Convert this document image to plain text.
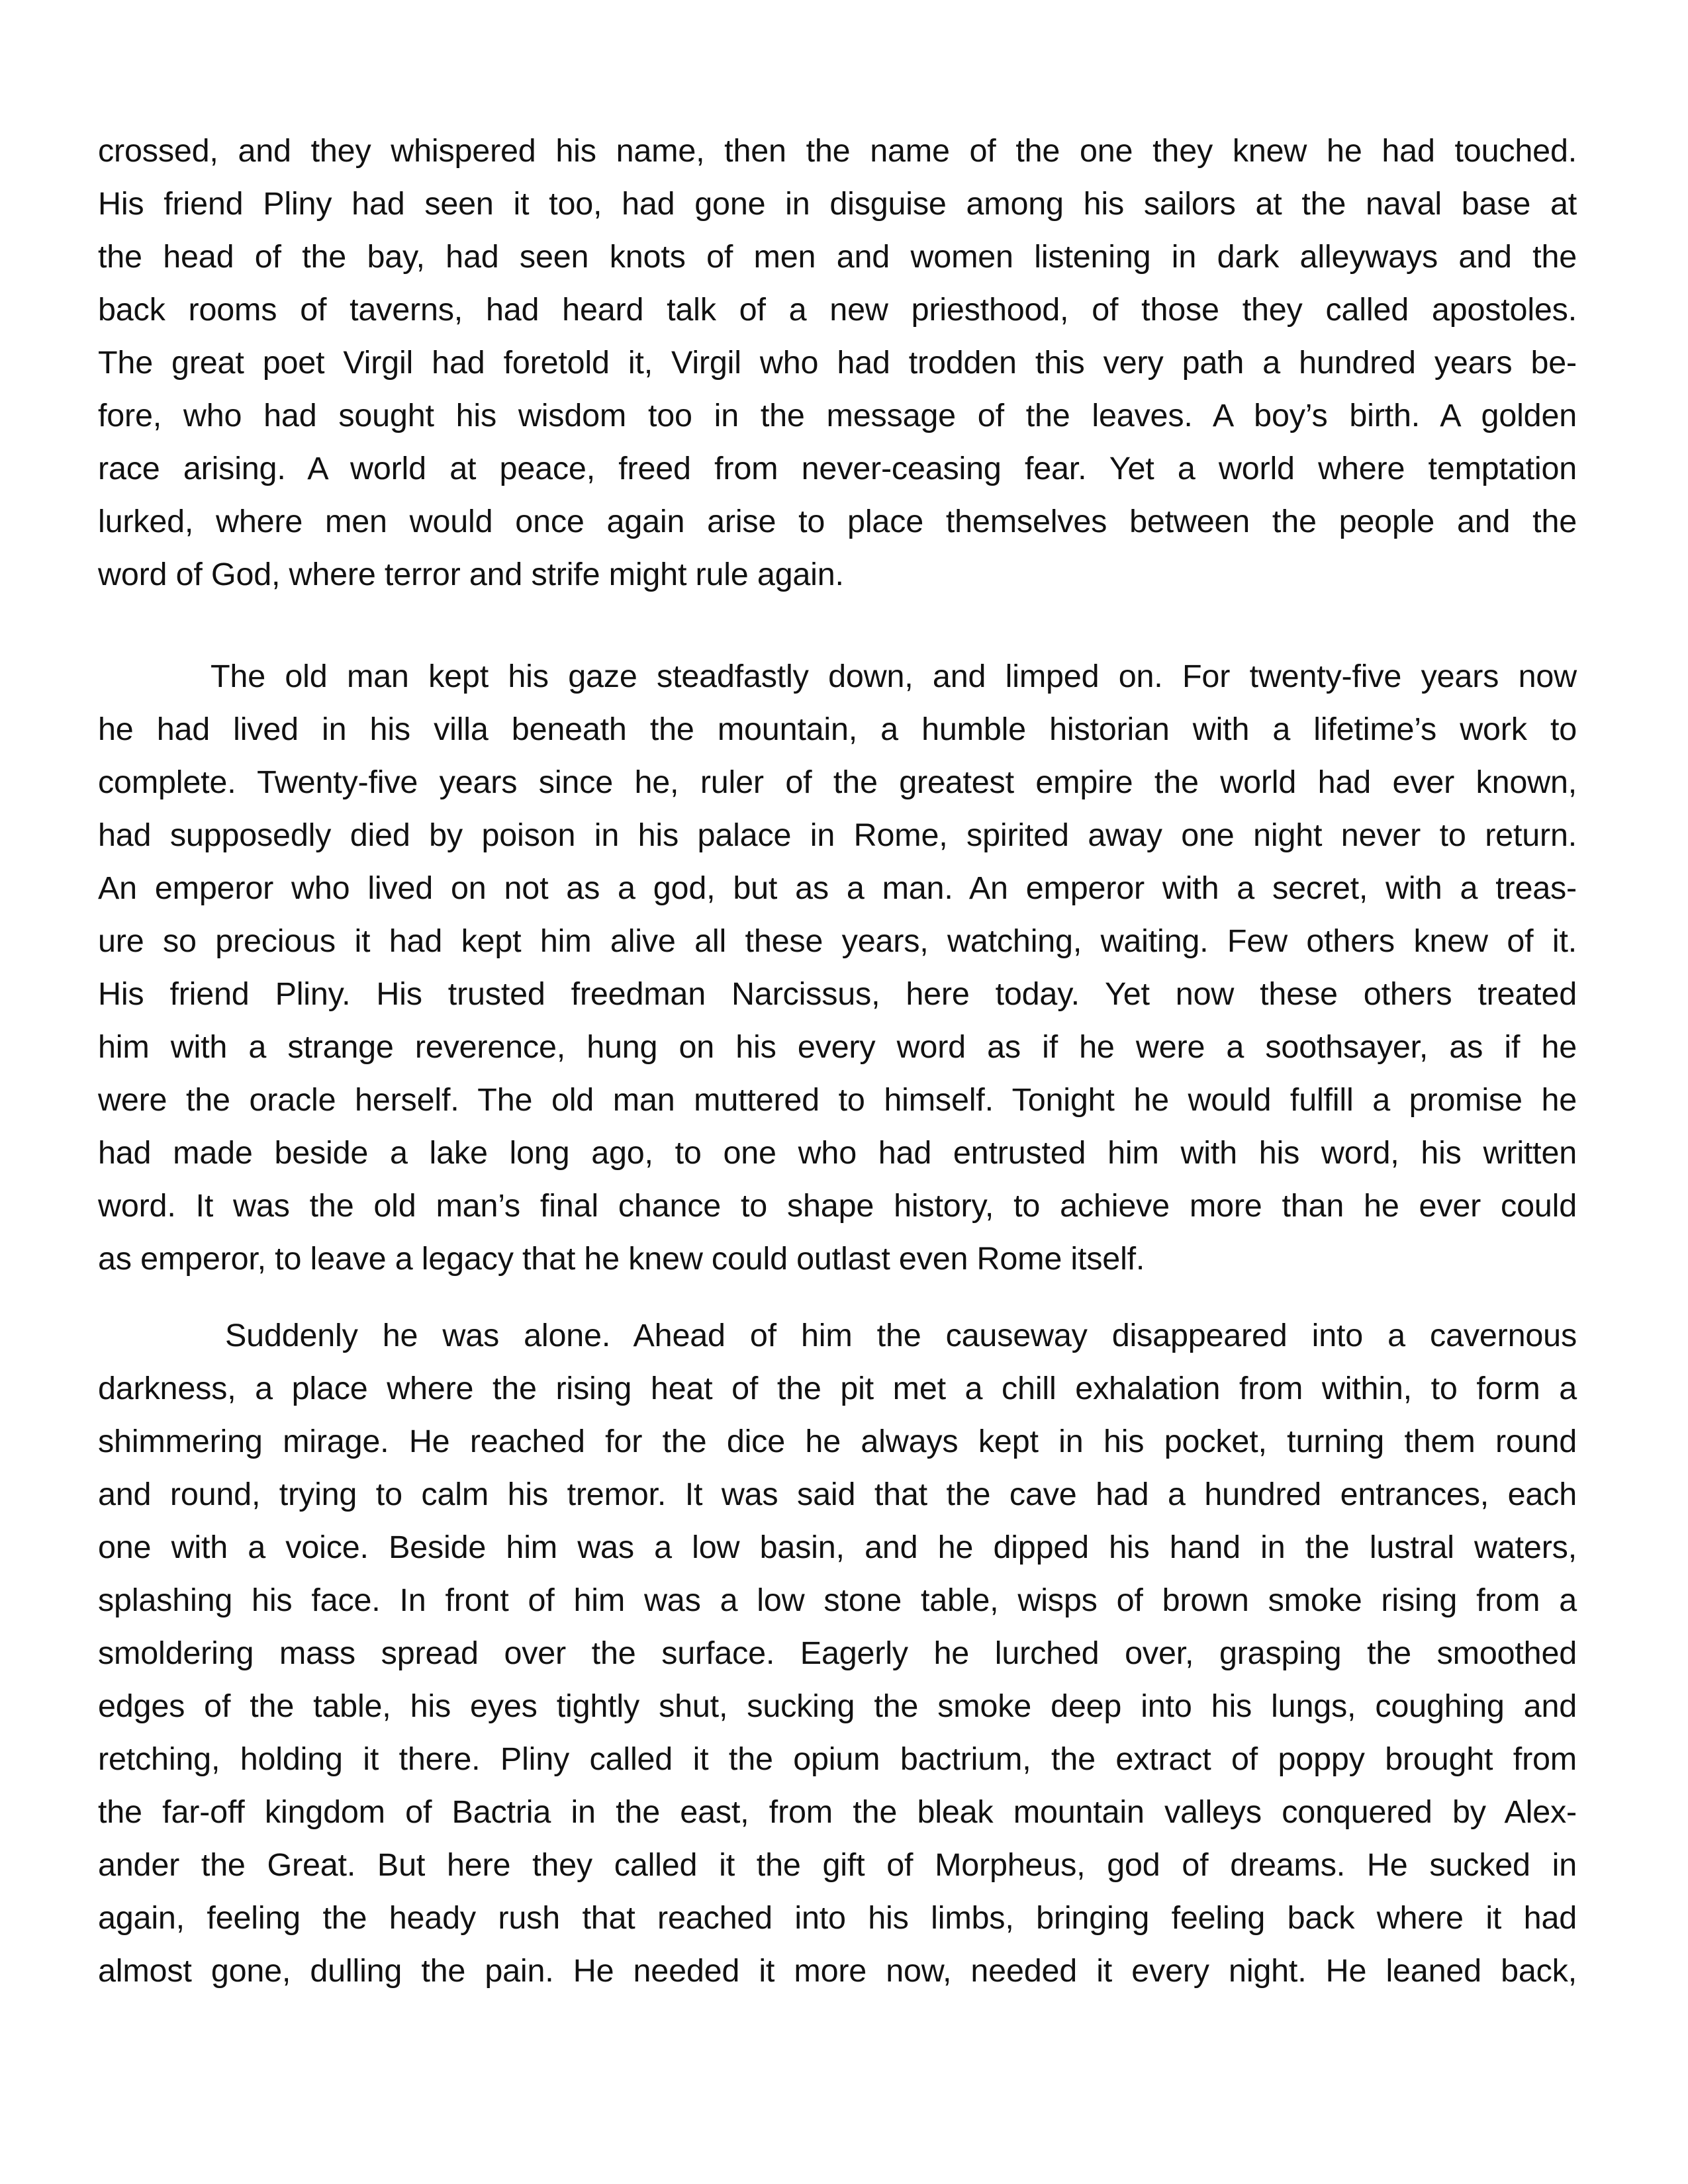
crossed, and they whispered his name, then the name of the one they knew he had touched.
His friend Pliny had seen it too, had gone in disguise among his sailors at the naval base at
the head of the bay, had seen knots of men and women listening in dark alleyways and the
back rooms of taverns, had heard talk of a new priesthood, of those they called apostoles.
The great poet Virgil had foretold it, Virgil who had trodden this very path a hundred years be-
fore, who had sought his wisdom too in the message of the leaves. A boy’s birth. A golden
race arising. A world at peace, freed from never-ceasing fear. Yet a world where temptation
lurked, where men would once again arise to place themselves between the people and the
word of God, where terror and strife might rule again.
The old man kept his gaze steadfastly down, and limped on. For twenty-five years now
he had lived in his villa beneath the mountain, a humble historian with a lifetime’s work to
complete. Twenty-five years since he, ruler of the greatest empire the world had ever known,
had supposedly died by poison in his palace in Rome, spirited away one night never to return.
An emperor who lived on not as a god, but as a man. An emperor with a secret, with a treas-
ure so precious it had kept him alive all these years, watching, waiting. Few others knew of it.
His friend Pliny. His trusted freedman Narcissus, here today. Yet now these others treated
him with a strange reverence, hung on his every word as if he were a soothsayer, as if he
were the oracle herself. The old man muttered to himself. Tonight he would fulfill a promise he
had made beside a lake long ago, to one who had entrusted him with his word, his written
word. It was the old man’s final chance to shape history, to achieve more than he ever could
as emperor, to leave a legacy that he knew could outlast even Rome itself.
Suddenly he was alone. Ahead of him the causeway disappeared into a cavernous
darkness, a place where the rising heat of the pit met a chill exhalation from within, to form a
shimmering mirage. He reached for the dice he always kept in his pocket, turning them round
and round, trying to calm his tremor. It was said that the cave had a hundred entrances, each
one with a voice. Beside him was a low basin, and he dipped his hand in the lustral waters,
splashing his face. In front of him was a low stone table, wisps of brown smoke rising from a
smoldering mass spread over the surface. Eagerly he lurched over, grasping the smoothed
edges of the table, his eyes tightly shut, sucking the smoke deep into his lungs, coughing and
retching, holding it there. Pliny called it the opium bactrium, the extract of poppy brought from
the far-off kingdom of Bactria in the east, from the bleak mountain valleys conquered by Alex-
ander the Great. But here they called it the gift of Morpheus, god of dreams. He sucked in
again, feeling the heady rush that reached into his limbs, bringing feeling back where it had
almost gone, dulling the pain. He needed it more now, needed it every night. He leaned back,
